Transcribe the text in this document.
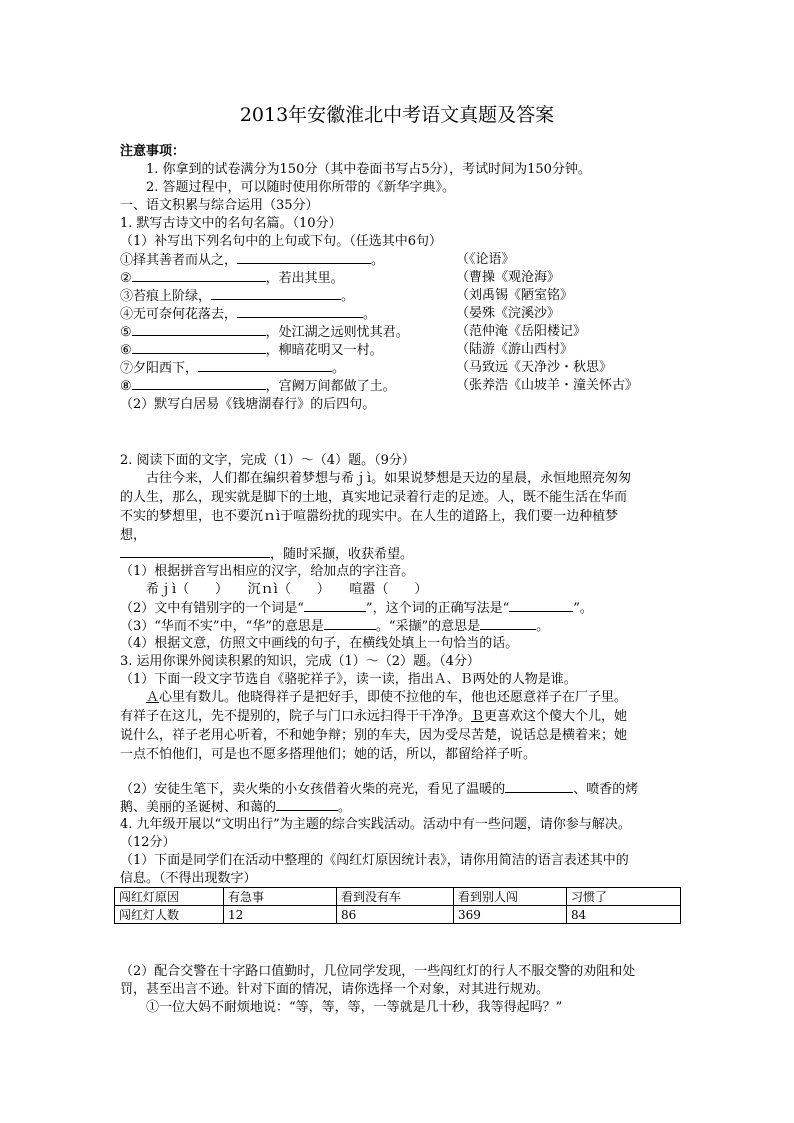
2013年安徽淮北中考语文真题及答案
注意事项：
1. 你拿到的试卷满分为150分（其中卷面书写占5分），考试时间为150分钟。
2. 答题过程中，可以随时使用你所带的《新华字典》。
一、语文积累与综合运用（35分）
1. 默写古诗文中的名句名篇。（10分）
（1）补写出下列名句中的上句或下句。（任选其中6句）
①择其善者而从之，	。	（《论语》
②	，若出其里。	（曹操《观沧海》
③苔痕上阶绿，	。	（刘禹锡《陋室铭》
④无可奈何花落去，	。	（晏殊《浣溪沙》
⑤	，处江湖之远则忧其君。	（范仲淹《岳阳楼记》
⑥	，柳暗花明又一村。	（陆游《游山西村》
⑦夕阳西下，	。	（马致远《天净沙・秋思》
⑧	，宫阙万间都做了土。	（张养浩《山坡羊・潼关怀古》
（2）默写白居易《钱塘湖春行》的后四句。
2. 阅读下面的文字，完成（1）～（4）题。（9分）
古往今来，人们都在编织着梦想与希ｊì。如果说梦想是天边的星晨，永恒地照亮匆匆
的人生，那么，现实就是脚下的土地，真实地记录着行走的足迹。人，既不能生活在华而
不实的梦想里，也不要沉ｎì于喧嚣纷扰的现实中。在人生的道路上，我们要一边种植梦
想，
，随时采撷，收获希望。
（1）根据拼音写出相应的汉字，给加点的字注音。
希ｊì（　　）　　沉ｎì（　　）　　喧嚣（　　）
（2）文中有错别字的一个词是“	”，这个词的正确写法是“	”。
（3）“华而不实”中，“华”的意思是	。“采撷”的意思是	。
（4）根据文意，仿照文中画线的句子，在横线处填上一句恰当的话。
3. 运用你课外阅读积累的知识，完成（1）～（2）题。（4分）
（1）下面一段文字节选自《骆驼祥子》，读一读，指出Ａ、Ｂ两处的人物是谁。
Ａ心里有数儿。他晓得祥子是把好手，即使不拉他的车，他也还愿意祥子在厂子里。
有祥子在这儿，先不提别的，院子与门口永远扫得干干净净。Ｂ更喜欢这个傻大个儿，她
说什么，祥子老用心听着，不和她争辩；别的车夫，因为受尽苦楚，说话总是横着来；她
一点不怕他们，可是也不愿多搭理他们；她的话，所以，都留给祥子听。
（2）安徒生笔下，卖火柴的小女孩借着火柴的亮光，看见了温暖的	、喷香的烤
鹅、美丽的圣诞树、和蔼的	。
4. 九年级开展以“文明出行”为主题的综合实践活动。活动中有一些问题，请你参与解决。
（12分）
（1）下面是同学们在活动中整理的《闯红灯原因统计表》，请你用简洁的语言表述其中的
信息。（不得出现数字）
闯红灯原因	有急事	看到没有车	看到别人闯	习惯了
闯红灯人数	12	86	369	84
（2）配合交警在十字路口值勤时，几位同学发现，一些闯红灯的行人不服交警的劝阻和处
罚，甚至出言不逊。针对下面的情况，请你选择一个对象，对其进行规劝。
①一位大妈不耐烦地说：“等，等，等，一等就是几十秒，我等得起吗？”
